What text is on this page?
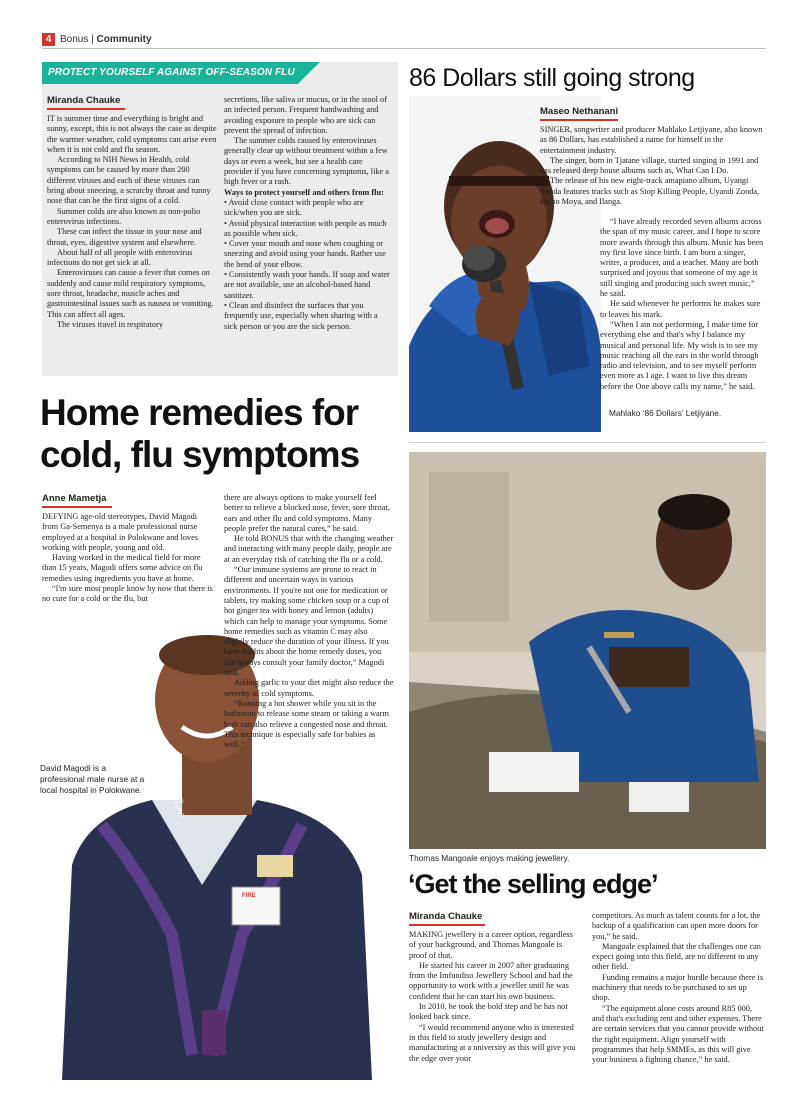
4 Bonus | Community
PROTECT YOURSELF AGAINST OFF-SEASON FLU
Miranda Chauke

IT is summer time and everything is bright and sunny, except, this is not always the case as despite the warmer weather, cold symptoms can arise even when it is not cold and flu season.

According to NIH News in Health, cold symptoms can be caused by more than 200 different viruses and each of these viruses can bring about sneezing, a scratchy throat and runny nose that can be the first signs of a cold.

Summer colds are also known as non-polio enterovirus infections.

These can infect the tissue in your nose and throat, eyes, digestive system and elsewhere.

About half of all people with enterovirus infections do not get sick at all.

Enteroviruses can cause a fever that comes on suddenly and cause mild respiratory symptoms, sore throat, headache, muscle aches and gastrointestinal issues such as nausea or vomiting. This can affect all ages.

The viruses travel in respiratory

secretions, like saliva or mucus, or in the stool of an infected person. Frequent handwashing and avoiding exposure to people who are sick can prevent the spread of infection.

The summer colds caused by enteroviruses generally clear up without treatment within a few days or even a week, but see a health care provider if you have concerning symptoms, like a high fever or a rash.

Ways to protect yourself and others from flu:

• Avoid close contact with people who are sick/when you are sick.

• Avoid physical interaction with people as much as possible when sick.

• Cover your mouth and nose when coughing or sneezing and avoid using your hands. Rather use the bend of your elbow.

• Consistently wash your hands. If soap and water are not available, use an alcohol-based hand sanitizer.

• Clean and disinfect the surfaces that you frequently use, especially when sharing with a sick person or you are the sick person.

86 Dollars still going strong
Maseo Nethanani

SINGER, songwriter and producer Mahlako Letjiyane, also known as 86 Dollars, has established a name for himself in the entertainment industry.

The singer, born in Tjatane village, started singing in 1991 and has released deep house albums such as, What Can I Do.

The release of his new eight-track amapiano album, Uyangi Zonda features tracks such as Stop Killing People, Uyandi Zonda, Ba no Moya, and Ilanga.

“I have already recorded seven albums across the span of my music career, and I hope to score more awards through this album. Music has been my first love since birth. I am born a singer, writer, a producer, and a teacher. Many are both surprised and joyous that someone of my age is still singing and producing such sweet music,” he said.

He said whenever he performs he makes sure to leaves his mark.

“When I am not performing, I make time for everything else and that's why I balance my musical and personal life. My wish is to see my music reaching all the ears in the world through radio and television, and to see myself perform even more as I age. I want to live this dream before the One above calls my name,” he said.

Mahlako ‘86 Dollars’ Letjiyane.
Home remedies for
cold, flu symptoms
Anne Mametja

DEFYING age-old stereotypes, David Magodi from Ga-Semenya is a male professional nurse employed at a hospital in Polokwane and loves working with people, young and old.

Having worked in the medical field for more than 15 years, Magodi offers some advice on flu remedies using ingredients you have at home.

“I'm sure most people know by now that there is no cure for a cold or the flu, but

Dr. Reddy's
FIRE
David Magodi is a professional male nurse at a local hospital in Polokwane.

there are always options to make yourself feel better to relieve a blocked nose, fever, sore throat, ears and other flu and cold symptoms. Many people prefer the natural cures,” he said.

He told BONUS that with the changing weather and interacting with many people daily, people are at an everyday risk of catching the flu or a cold.

“Our immune systems are prone to react in different and uncertain ways in various environments. If you're not one for medication or tablets, try making some chicken soup or a cup of hot ginger tea with honey and lemon (adults) which can help to manage your symptoms. Some home remedies such as vitamin C may also slightly reduce the duration of your illness. If you have doubts about the home remedy doses, you can always consult your family doctor,” Magodi said.

Adding garlic to your diet might also reduce the severity of cold symptoms.

“Running a hot shower while you sit in the bathroom to release some steam or taking a warm bath can also relieve a congested nose and throat. This technique is especially safe for babies as well.”

Thomas Mangoale enjoys making jewellery.
‘Get the selling edge’
Miranda Chauke

MAKING jewellery is a career option, regardless of your background, and Thomas Mangoale is proof of that.

He started his career in 2007 after graduating from the Imfundiso Jewellery School and had the opportunity to work with a jeweller until he was confident that he can start his own business.

In 2010, he took the bold step and he has not looked back since.

“I would recommend anyone who is interested in this field to study jewellery design and manufacturing at a university as this will give you the edge over your

competitors. As much as talent counts for a lot, the backup of a qualification can open more doors for you,” he said.

Mangoale explained that the challenges one can expect going into this field, are no different to any other field.

Funding remains a major hurdle because there is machinery that needs to be purchased to set up shop.

“The equipment alone costs around R85 000, and that's excluding rent and other expenses. There are certain services that you cannot provide without the right equipment. Align yourself with programmes that help SMMEs, as this will give your business a fighting chance,” he said.
